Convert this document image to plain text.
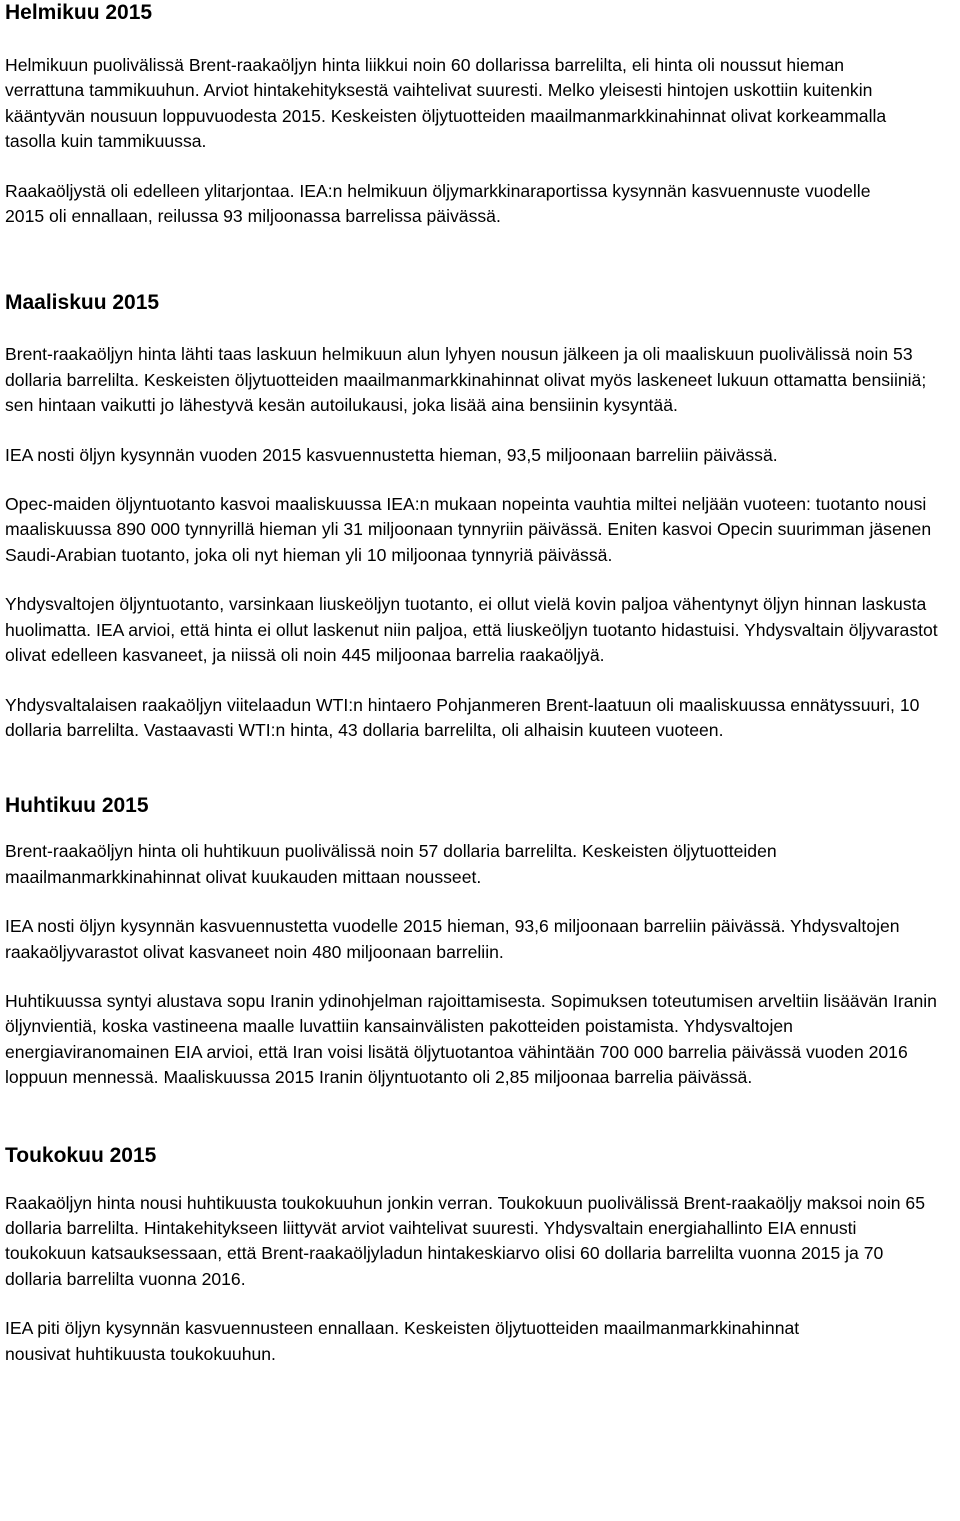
Helmikuu 2015

Helmikuun puolivälissä Brent-raakaöljyn hinta liikkui noin 60 dollarissa barrelilta, eli hinta oli noussut hieman verrattuna tammikuuhun. Arviot hintakehityksestä vaihtelivat suuresti. Melko yleisesti hintojen uskottiin kuitenkin kääntyvän nousuun loppuvuodesta 2015. Keskeisten öljytuotteiden maailmanmarkkinahinnat olivat korkeammalla tasolla kuin tammikuussa.

Raakaöljystä oli edelleen ylitarjontaa. IEA:n helmikuun öljymarkkinaraportissa kysynnän kasvuennuste vuodelle 2015 oli ennallaan, reilussa 93 miljoonassa barrelissa päivässä.

Maaliskuu 2015

Brent-raakaöljyn hinta lähti taas laskuun helmikuun alun lyhyen nousun jälkeen ja oli maaliskuun puolivälissä noin 53 dollaria barrelilta. Keskeisten öljytuotteiden maailmanmarkkinahinnat olivat myös laskeneet lukuun ottamatta bensiiniä; sen hintaan vaikutti jo lähestyvä kesän autoilukausi, joka lisää aina bensiinin kysyntää.

IEA nosti öljyn kysynnän vuoden 2015 kasvuennustetta hieman, 93,5 miljoonaan barreliin päivässä.

Opec-maiden öljyntuotanto kasvoi maaliskuussa IEA:n mukaan nopeinta vauhtia miltei neljään vuoteen: tuotanto nousi maaliskuussa 890 000 tynnyrillä hieman yli 31 miljoonaan tynnyriin päivässä. Eniten kasvoi Opecin suurimman jäsenen Saudi-Arabian tuotanto, joka oli nyt hieman yli 10 miljoonaa tynnyriä päivässä.

Yhdysvaltojen öljyntuotanto, varsinkaan liuskeöljyn tuotanto, ei ollut vielä kovin paljoa vähentynyt öljyn hinnan laskusta huolimatta. IEA arvioi, että hinta ei ollut laskenut niin paljoa, että liuskeöljyn tuotanto hidastuisi. Yhdysvaltain öljyvarastot olivat edelleen kasvaneet, ja niissä oli noin 445 miljoonaa barrelia raakaöljyä.

Yhdysvaltalaisen raakaöljyn viitelaadun WTI:n hintaero Pohjanmeren Brent-laatuun oli maaliskuussa ennätyssuuri, 10 dollaria barrelilta. Vastaavasti WTI:n hinta, 43 dollaria barrelilta, oli alhaisin kuuteen vuoteen.

Huhtikuu 2015

Brent-raakaöljyn hinta oli huhtikuun puolivälissä noin 57 dollaria barrelilta. Keskeisten öljytuotteiden maailmanmarkkinahinnat olivat kuukauden mittaan nousseet.

IEA nosti öljyn kysynnän kasvuennustetta vuodelle 2015 hieman, 93,6 miljoonaan barreliin päivässä. Yhdysvaltojen raakaöljyvarastot olivat kasvaneet noin 480 miljoonaan barreliin.

Huhtikuussa syntyi alustava sopu Iranin ydinohjelman rajoittamisesta. Sopimuksen toteutumisen arveltiin lisäävän Iranin öljynvientiä, koska vastineena maalle luvattiin kansainvälisten pakotteiden poistamista. Yhdysvaltojen energiaviranomainen EIA arvioi, että Iran voisi lisätä öljytuotantoa vähintään 700 000 barrelia päivässä vuoden 2016 loppuun mennessä. Maaliskuussa 2015 Iranin öljyntuotanto oli 2,85 miljoonaa barrelia päivässä.

Toukokuu 2015

Raakaöljyn hinta nousi huhtikuusta toukokuuhun jonkin verran. Toukokuun puolivälissä Brent-raakaöljy maksoi noin 65 dollaria barrelilta. Hintakehitykseen liittyvät arviot vaihtelivat suuresti. Yhdysvaltain energiahallinto EIA ennusti toukokuun katsauksessaan, että Brent-raakaöljyladun hintakeskiarvo olisi 60 dollaria barrelilta vuonna 2015 ja 70 dollaria barrelilta vuonna 2016.

IEA piti öljyn kysynnän kasvuennusteen ennallaan. Keskeisten öljytuotteiden maailmanmarkkinahinnat nousivat huhtikuusta toukokuuhun.
